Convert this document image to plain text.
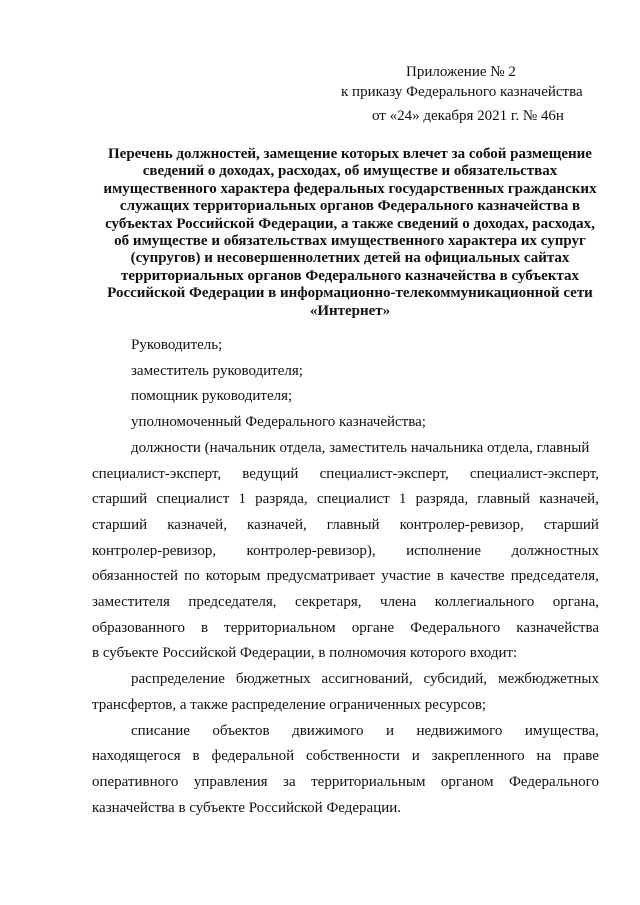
Приложение № 2
к приказу Федерального казначейства
от «24» декабря 2021 г. № 46н
Перечень должностей, замещение которых влечет за собой размещение
сведений о доходах, расходах, об имуществе и обязательствах
имущественного характера федеральных государственных гражданских
служащих территориальных органов Федерального казначейства в
субъектах Российской Федерации, а также сведений о доходах, расходах,
об имуществе и обязательствах имущественного характера их супруг
(супругов) и несовершеннолетних детей на официальных сайтах
территориальных органов Федерального казначейства в субъектах
Российской Федерации в информационно-телекоммуникационной сети
«Интернет»
Руководитель;
заместитель руководителя;
помощник руководителя;
уполномоченный Федерального казначейства;
должности (начальник отдела, заместитель начальника отдела, главный
специалист-эксперт, ведущий специалист-эксперт, специалист-эксперт,
старший специалист 1 разряда, специалист 1 разряда, главный казначей,
старший казначей, казначей, главный контролер-ревизор, старший
контролер-ревизор, контролер-ревизор), исполнение должностных
обязанностей по которым предусматривает участие в качестве председателя,
заместителя председателя, секретаря, члена коллегиального органа,
образованного в территориальном органе Федерального казначейства
в субъекте Российской Федерации, в полномочия которого входит:
распределение бюджетных ассигнований, субсидий, межбюджетных
трансфертов, а также распределение ограниченных ресурсов;
списание объектов движимого и недвижимого имущества,
находящегося в федеральной собственности и закрепленного на праве
оперативного управления за территориальным органом Федерального
казначейства в субъекте Российской Федерации.
